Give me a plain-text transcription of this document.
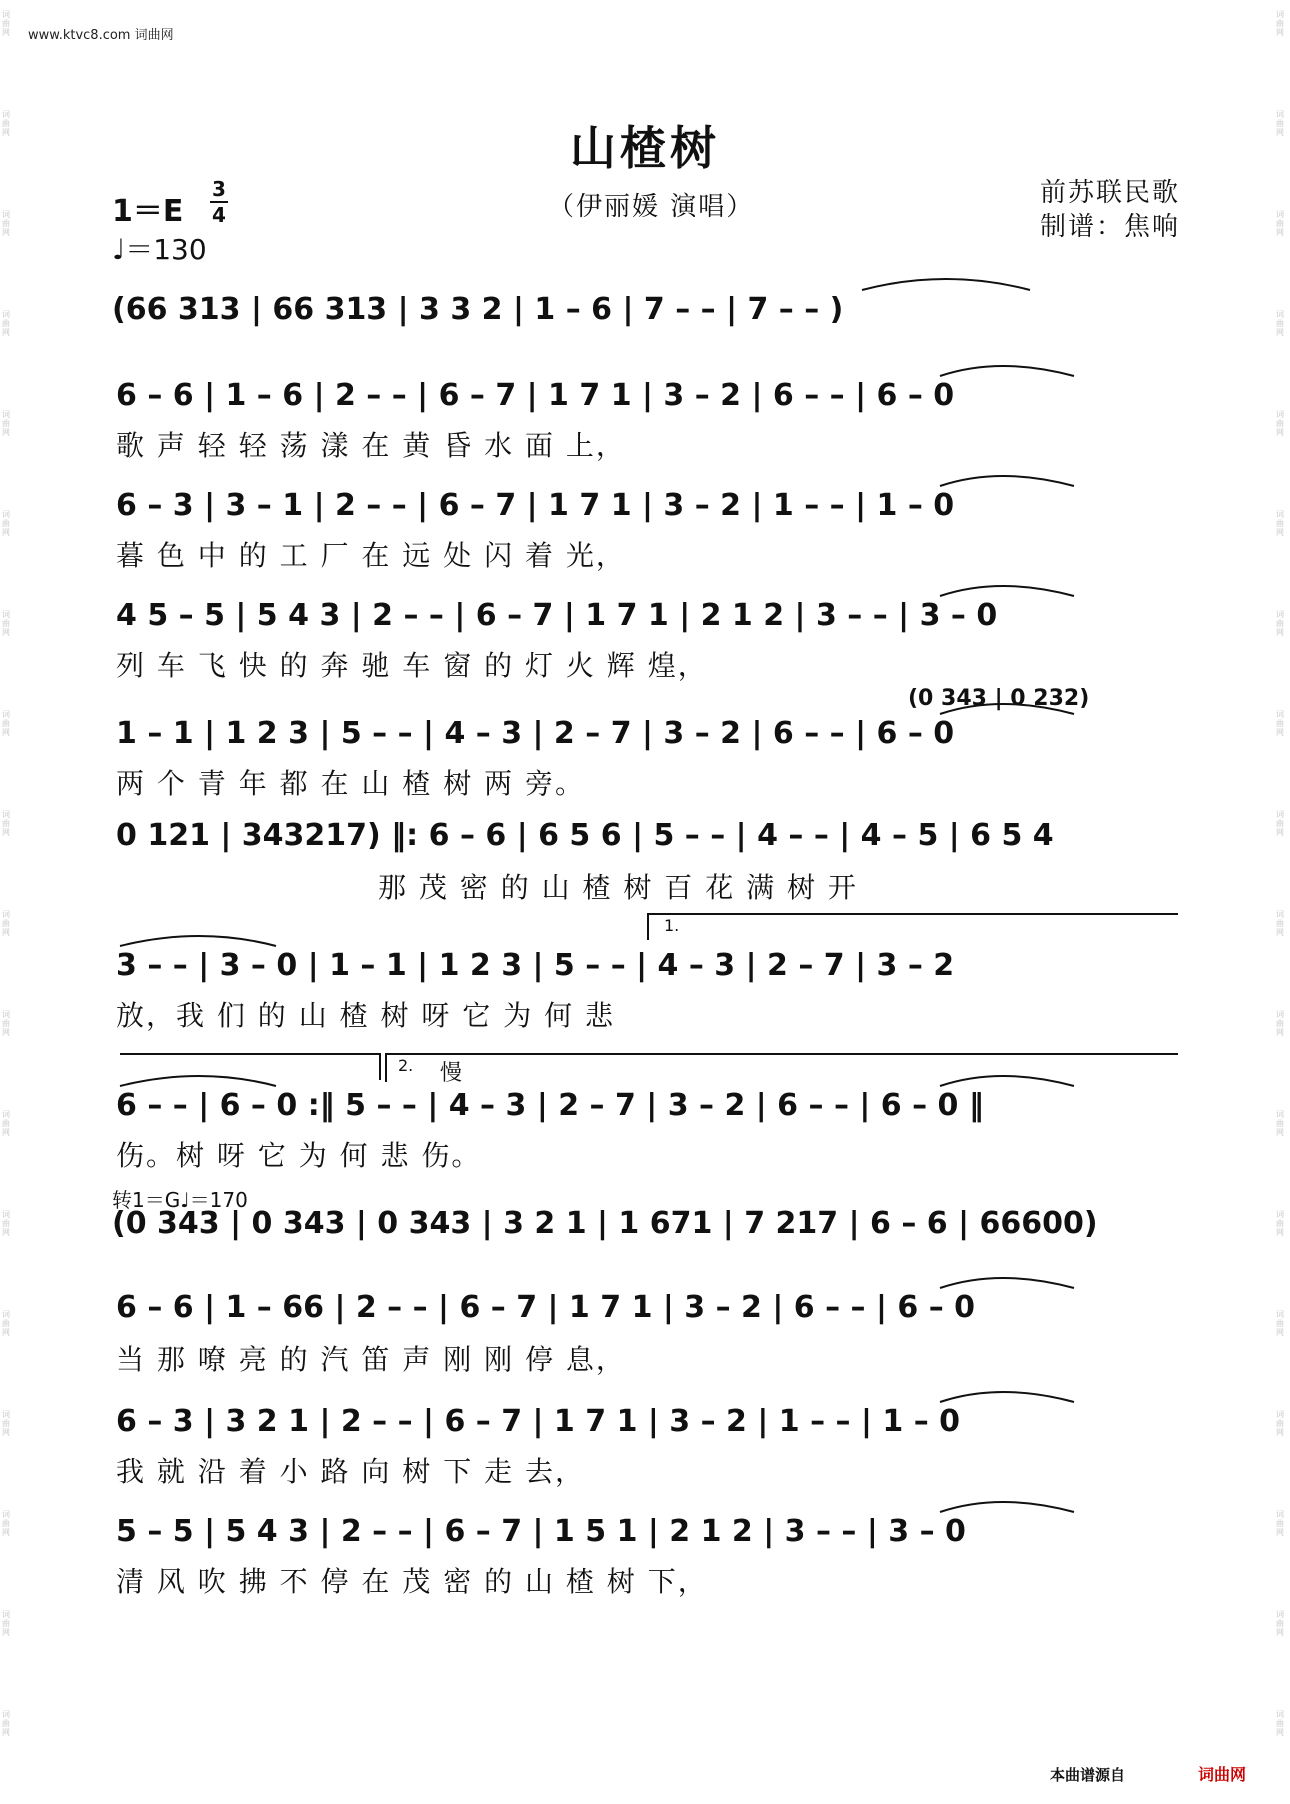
词曲网
词曲网
词曲网
词曲网
词曲网
词曲网
词曲网
词曲网
词曲网
词曲网
词曲网
词曲网
词曲网
词曲网
词曲网
词曲网
词曲网
词曲网
词曲网
词曲网
词曲网
词曲网
词曲网
词曲网
词曲网
词曲网
词曲网
词曲网
词曲网
词曲网
词曲网
词曲网
词曲网
词曲网
词曲网
词曲网
www.ktvc8.com 词曲网
山楂树
1＝E
3
4
♩＝130
（伊丽媛 演唱）	前苏联民歌
制谱：焦响
(66 313 | 66 313 | 3 3 2 | 1 – 6 | 7 – – | 7 – – )
6 – 6 | 1 – 6 | 2 – – | 6 – 7 | 1 7 1 | 3 – 2 | 6 – – | 6 – 0
歌 声 轻 轻 荡 漾 在 黄 昏 水 面 上，
6 – 3 | 3 – 1 | 2 – – | 6 – 7 | 1 7 1 | 3 – 2 | 1 – – | 1 – 0
暮 色 中 的 工 厂 在 远 处 闪 着 光，
4 5 – 5 | 5 4 3 | 2 – – | 6 – 7 | 1 7 1 | 2 1 2 | 3 – – | 3 – 0
列 车 飞 快 的 奔 驰 车 窗 的 灯 火 辉 煌，
(0 343 | 0 232)
1 – 1 | 1 2 3 | 5 – – | 4 – 3 | 2 – 7 | 3 – 2 | 6 – – | 6 – 0
两 个 青 年 都 在 山 楂 树 两 旁。
0 121 | 343217) ‖: 6 – 6 | 6 5 6 | 5 – – | 4 – – | 4 – 5 | 6 5 4
那 茂 密 的 山 楂 树 百 花 满 树 开
1.
3 – – | 3 – 0 | 1 – 1 | 1 2 3 | 5 – – | 4 – 3 | 2 – 7 | 3 – 2
放，我 们 的 山 楂 树 呀 它 为 何 悲
2. 慢
6 – – | 6 – 0 :‖ 5 – – | 4 – 3 | 2 – 7 | 3 – 2 | 6 – – | 6 – 0 ‖
伤。树 呀 它 为 何 悲 伤。
转1＝G♩＝170
(0 343 | 0 343 | 0 343 | 3 2 1 | 1 671 | 7 217 | 6 – 6 | 66600)
6 – 6 | 1 – 66 | 2 – – | 6 – 7 | 1 7 1 | 3 – 2 | 6 – – | 6 – 0
当 那 嘹 亮 的 汽 笛 声 刚 刚 停 息，
6 – 3 | 3 2 1 | 2 – – | 6 – 7 | 1 7 1 | 3 – 2 | 1 – – | 1 – 0
我 就 沿 着 小 路 向 树 下 走 去，
5 – 5 | 5 4 3 | 2 – – | 6 – 7 | 1 5 1 | 2 1 2 | 3 – – | 3 – 0
清 风 吹 拂 不 停 在 茂 密 的 山 楂 树 下，
本曲谱源自	词曲网
